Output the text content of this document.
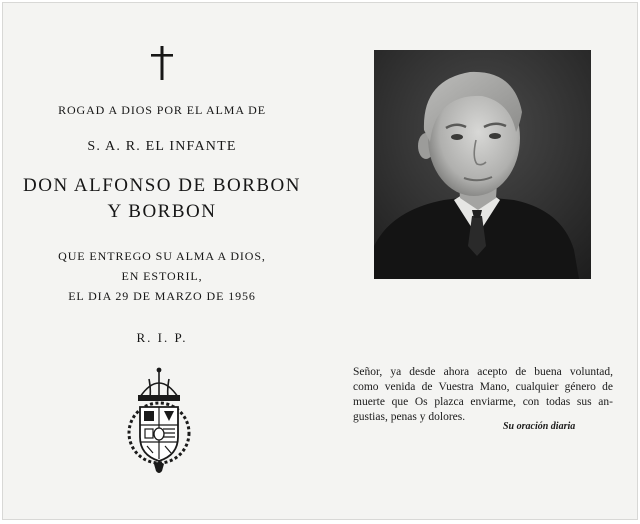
ROGAD A DIOS POR EL ALMA DE
S. A. R. EL INFANTE
DON ALFONSO DE BORBON
Y BORBON
QUE ENTREGO SU ALMA A DIOS,
EN ESTORIL,
EL DIA 29 DE MARZO DE 1956
R. I. P.
Señor, ya desde ahora acepto de buena voluntad,
como venida de Vuestra Mano, cualquier género de
muerte que Os plazca enviarme, con todas sus an-
gustias, penas y dolores.
Su oración diaria
